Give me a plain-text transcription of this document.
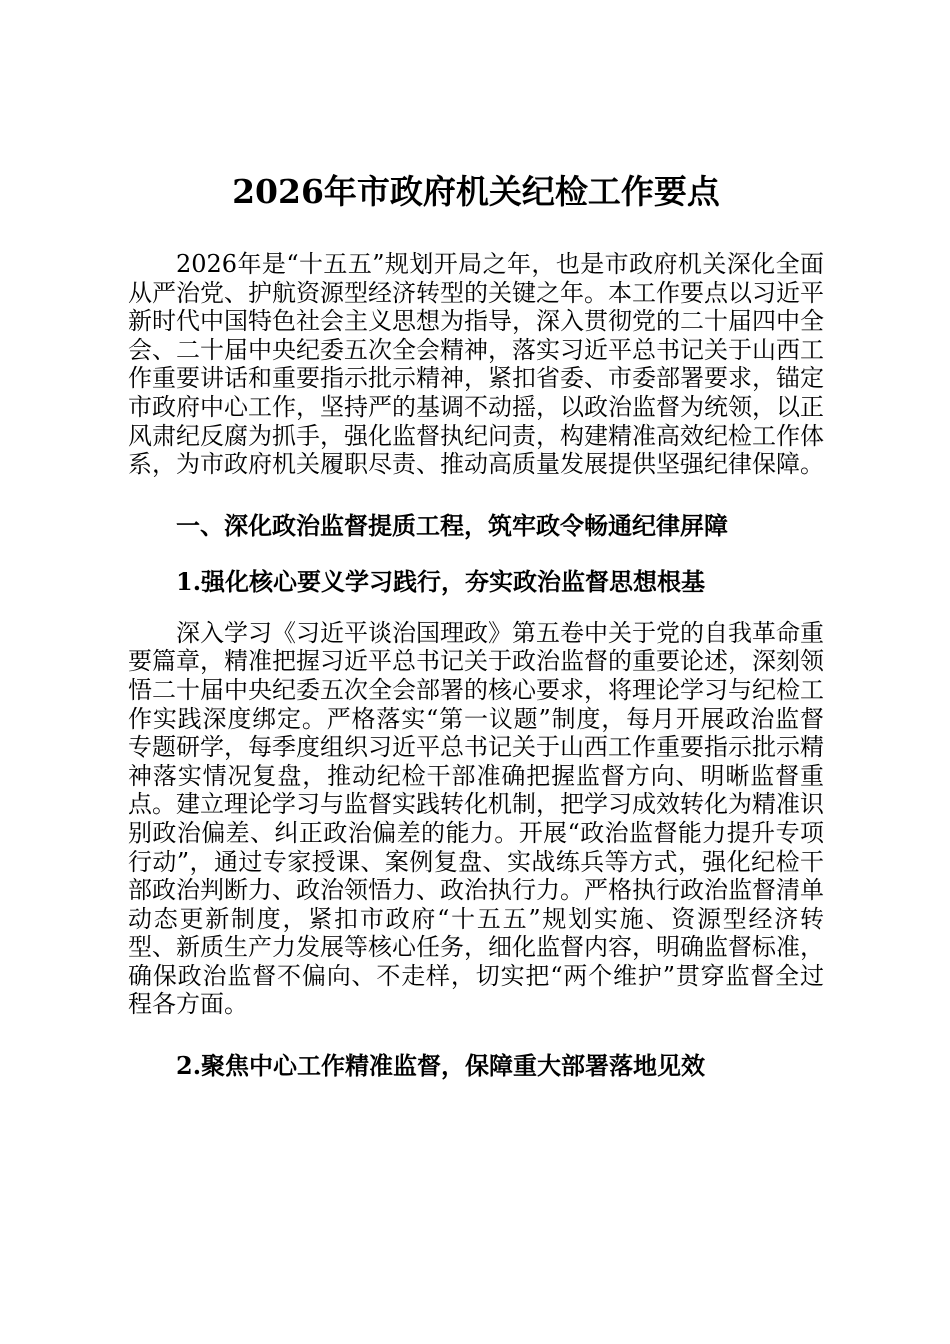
2026年市政府机关纪检工作要点

2026年是“十五五”规划开局之年，也是市政府机关深化全面从严治党、护航资源型经济转型的关键之年。本工作要点以习近平新时代中国特色社会主义思想为指导，深入贯彻党的二十届四中全会、二十届中央纪委五次全会精神，落实习近平总书记关于山西工作重要讲话和重要指示批示精神，紧扣省委、市委部署要求，锚定市政府中心工作，坚持严的基调不动摇，以政治监督为统领，以正风肃纪反腐为抓手，强化监督执纪问责，构建精准高效纪检工作体系，为市政府机关履职尽责、推动高质量发展提供坚强纪律保障。

一、深化政治监督提质工程，筑牢政令畅通纪律屏障
1.强化核心要义学习践行，夯实政治监督思想根基

深入学习《习近平谈治国理政》第五卷中关于党的自我革命重要篇章，精准把握习近平总书记关于政治监督的重要论述，深刻领悟二十届中央纪委五次全会部署的核心要求，将理论学习与纪检工作实践深度绑定。严格落实“第一议题”制度，每月开展政治监督专题研学，每季度组织习近平总书记关于山西工作重要指示批示精神落实情况复盘，推动纪检干部准确把握监督方向、明晰监督重点。建立理论学习与监督实践转化机制，把学习成效转化为精准识别政治偏差、纠正政治偏差的能力。开展“政治监督能力提升专项行动”，通过专家授课、案例复盘、实战练兵等方式，强化纪检干部政治判断力、政治领悟力、政治执行力。严格执行政治监督清单动态更新制度，紧扣市政府“十五五”规划实施、资源型经济转型、新质生产力发展等核心任务，细化监督内容，明确监督标准，确保政治监督不偏向、不走样，切实把“两个维护”贯穿监督全过程各方面。

2.聚焦中心工作精准监督，保障重大部署落地见效
